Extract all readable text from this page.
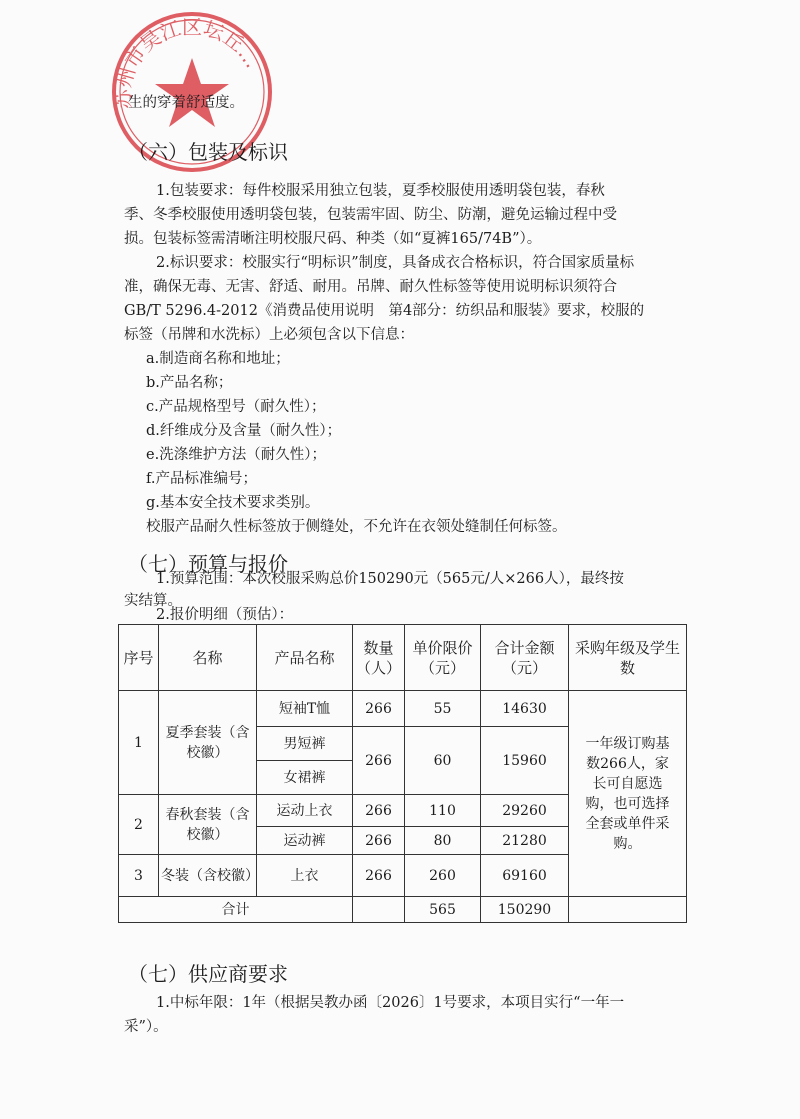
苏州市吴江区坛丘…
生的穿着舒适度。
（六）包装及标识
1.包装要求：每件校服采用独立包装，夏季校服使用透明袋包装，春秋
季、冬季校服使用透明袋包装，包装需牢固、防尘、防潮，避免运输过程中受
损。包装标签需清晰注明校服尺码、种类（如“夏裤165/74B”）。
2.标识要求：校服实行“明标识”制度，具备成衣合格标识，符合国家质量标
准，确保无毒、无害、舒适、耐用。吊牌、耐久性标签等使用说明标识须符合
GB/T 5296.4-2012《消费品使用说明　第4部分：纺织品和服装》要求，校服的
标签（吊牌和水洗标）上必须包含以下信息：
a.制造商名称和地址；
b.产品名称；
c.产品规格型号（耐久性）；
d.纤维成分及含量（耐久性）；
e.洗涤维护方法（耐久性）；
f.产品标准编号；
g.基本安全技术要求类别。
校服产品耐久性标签放于侧缝处，不允许在衣领处缝制任何标签。
（七）预算与报价
1.预算范围：本次校服采购总价150290元（565元/人×266人），最终按
实结算。
2.报价明细（预估）：
序号	名称	产品名称	数量（人）	单价限价（元）	合计金额（元）	采购年级及学生数
1	夏季套装（含校徽）	短袖T恤	266	55	14630	一年级订购基数266人，家长可自愿选购，也可选择全套或单件采购。
		男短裤	266	60	15960	
		女裙裤				
2	春秋套装（含校徽）	运动上衣	266	110	29260	
		运动裤	266	80	21280	
3	冬装（含校徽）	上衣	266	260	69160	
合计				565	150290	
（七）供应商要求
1.中标年限：1年（根据吴教办函〔2026〕1号要求，本项目实行“一年一
采”）。
